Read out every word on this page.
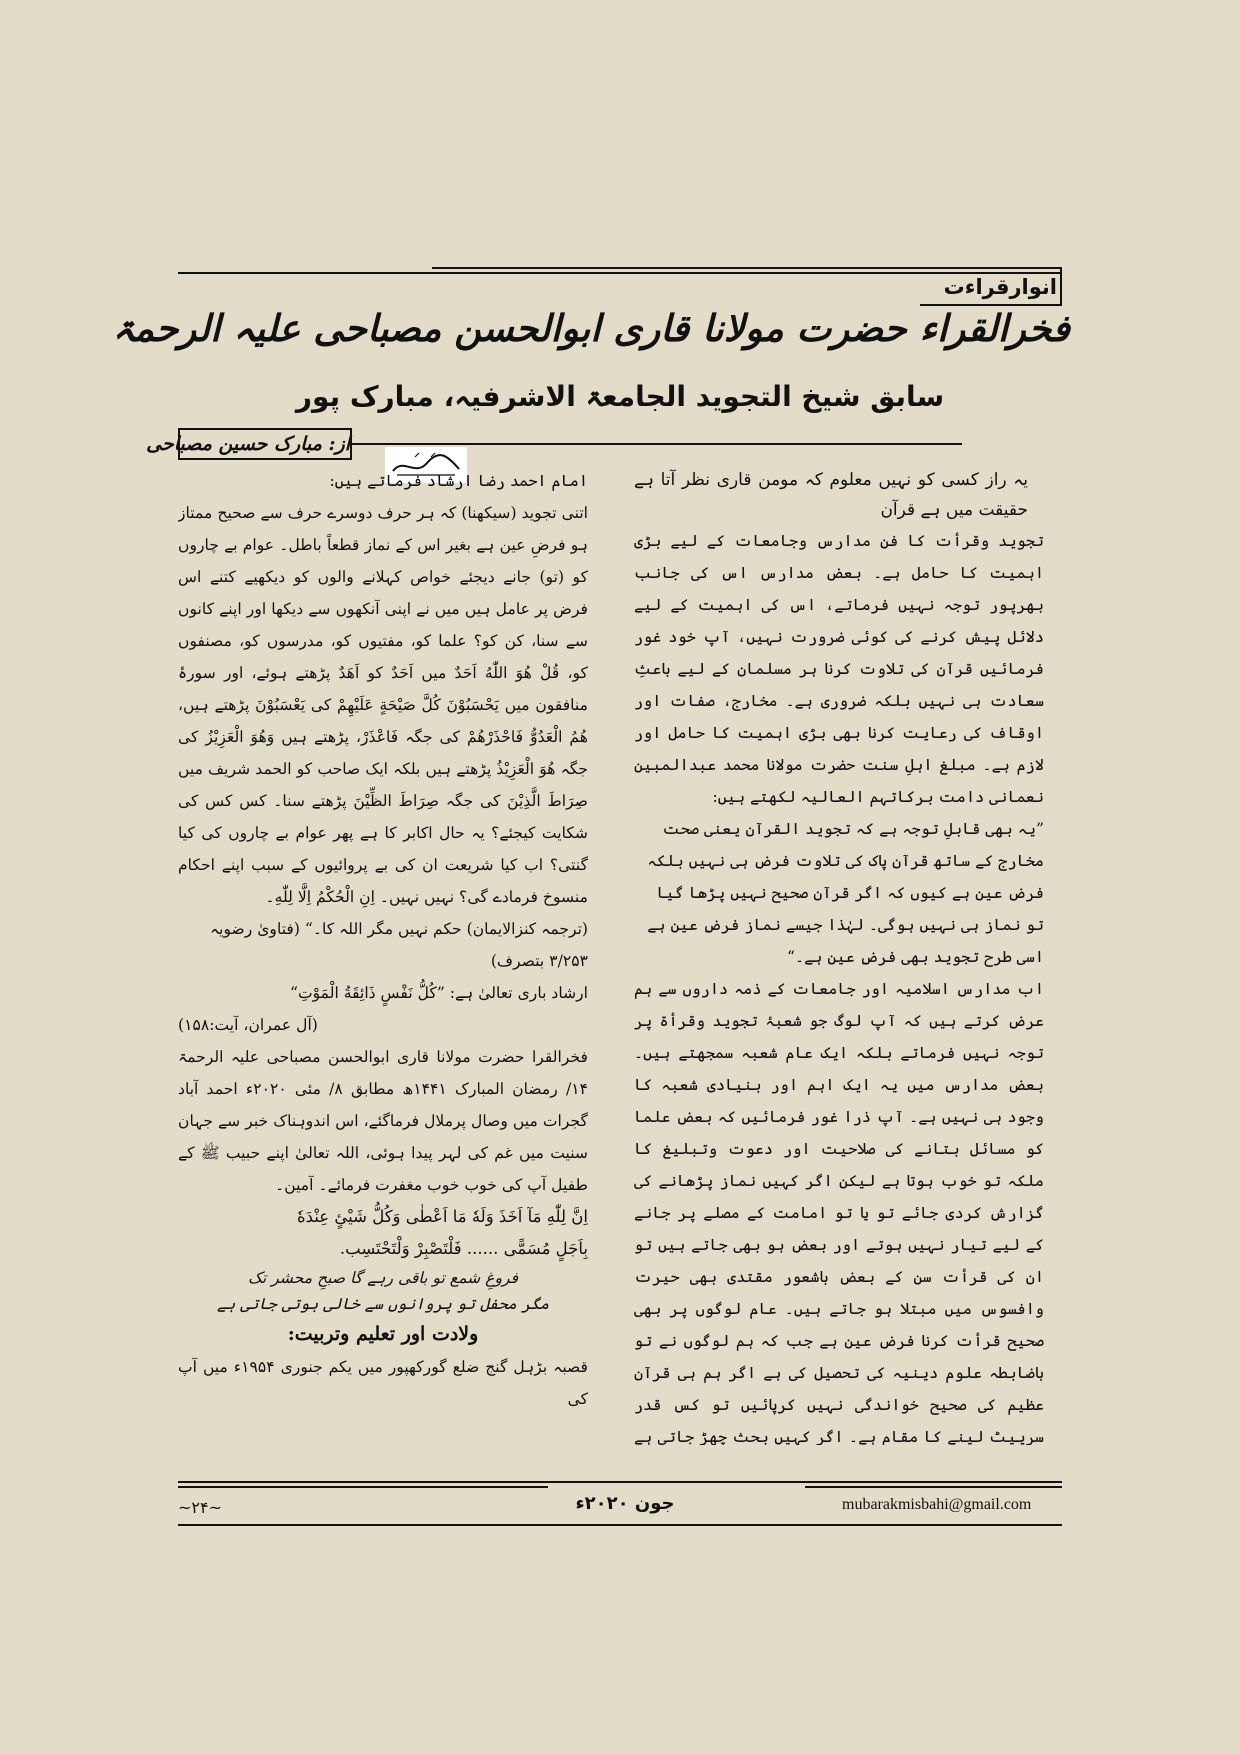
انوارقراءت
فخرالقراء حضرت مولانا قاری ابوالحسن مصباحی علیہ الرحمۃ
سابق شیخ التجوید الجامعۃ الاشرفیہ، مبارک پور
از: مبارک حسین مصباحی

یہ راز کسی کو نہیں معلوم کہ مومن قاری نظر آتا ہے حقیقت میں ہے قرآن

تجوید وقرأت کا فن مدارس وجامعات کے لیے بڑی اہمیت کا حامل ہے۔ بعض مدارس اس کی جانب بھرپور توجہ نہیں فرماتے، اس کی اہمیت کے لیے دلائل پیش کرنے کی کوئی ضرورت نہیں، آپ خود غور فرمائیں قرآن کی تلاوت کرنا ہر مسلمان کے لیے باعثِ سعادت ہی نہیں بلکہ ضروری ہے۔ مخارج، صفات اور اوقاف کی رعایت کرنا بھی بڑی اہمیت کا حامل اور لازم ہے۔ مبلغ اہلِ سنت حضرت مولانا محمد عبدالمبین نعمانی دامت برکاتہم العالیہ لکھتے ہیں:

”یہ بھی قابلِ توجہ ہے کہ تجوید القرآن یعنی صحت مخارج کے ساتھ قرآن پاک کی تلاوت فرض ہی نہیں بلکہ فرض عین ہے کیوں کہ اگر قرآن صحیح نہیں پڑھا گیا تو نماز ہی نہیں ہوگی۔ لہٰذا جیسے نماز فرضِ عین ہے اسی طرح تجوید بھی فرضِ عین ہے۔“

اب مدارس اسلامیہ اور جامعات کے ذمہ داروں سے ہم عرض کرتے ہیں کہ آپ لوگ جو شعبۂ تجوید وقرأۃ پر توجہ نہیں فرماتے بلکہ ایک عام شعبہ سمجھتے ہیں۔ بعض مدارس میں یہ ایک اہم اور بنیادی شعبہ کا وجود ہی نہیں ہے۔ آپ ذرا غور فرمائیں کہ بعض علما کو مسائل بتانے کی صلاحیت اور دعوت وتبلیغ کا ملکہ تو خوب ہوتا ہے لیکن اگر کہیں نماز پڑھانے کی گزارش کردی جائے تو یا تو امامت کے مصلے پر جانے کے لیے تیار نہیں ہوتے اور بعض ہو بھی جاتے ہیں تو ان کی قرأت سن کے بعض باشعور مقتدی بھی حیرت وافسوس میں مبتلا ہو جاتے ہیں۔ عام لوگوں پر بھی صحیح قرأت کرنا فرض عین ہے جب کہ ہم لوگوں نے تو باضابطہ علوم دینیہ کی تحصیل کی ہے اگر ہم ہی قرآن عظیم کی صحیح خواندگی نہیں کرپائیں تو کس قدر سرپیٹ لینے کا مقام ہے۔ اگر کہیں بحث چھڑ جاتی ہے

امام احمد رضا ارشاد فرماتے ہیں:

اتنی تجوید (سیکھنا) کہ ہر حرف دوسرے حرف سے صحیح ممتاز ہو فرضِ عین ہے بغیر اس کے نماز قطعاً باطل۔ عوام بے چاروں کو (تو) جانے دیجئے خواص کہلانے والوں کو دیکھیے کتنے اس فرض پر عامل ہیں میں نے اپنی آنکھوں سے دیکھا اور اپنے کانوں سے سنا، کن کو؟ علما کو، مفتیوں کو، مدرسوں کو، مصنفوں کو، قُلْ هُوَ اللّٰهُ اَحَدٌ میں اَحَدٌ کو اَهَدٌ پڑھتے ہوئے، اور سورۂ منافقون میں یَحْسَبُوْنَ كُلَّ صَيْحَةٍ عَلَيْهِمْ کی یَعْسَبُوْنَ پڑھتے ہیں، هُمُ الْعَدُوُّ فَاحْذَرْهُمْ کی جگہ فَاعْذَرْ، پڑھتے ہیں وَهُوَ الْعَزِيْزُ کی جگہ هُوَ الْعَزِيْذُ پڑھتے ہیں بلکہ ایک صاحب کو الحمد شریف میں صِرَاطَ الَّذِيْنَ کی جگہ صِرَاطَ الظِّيْنَ پڑھتے سنا۔ کس کس کی شکایت کیجئے؟ یہ حال اکابر کا ہے پھر عوام بے چاروں کی کیا گنتی؟ اب کیا شریعت ان کی بے پروائیوں کے سبب اپنے احکام منسوخ فرمادے گی؟ نہیں نہیں۔ اِنِ الْحُكْمُ اِلَّا لِلّٰهِ۔

(ترجمہ کنزالایمان) حکم نہیں مگر اللہ کا۔“ (فتاویٰ رضویہ ۳/۲۵۳ بتصرف)

ارشاد باری تعالیٰ ہے: ”كُلُّ نَفْسٍ ذَائِقَةُ الْمَوْتِ“

(آل عمران، آیت:۱۵۸)

فخرالقرا حضرت مولانا قاری ابوالحسن مصباحی علیہ الرحمۃ ۱۴/ رمضان المبارک ۱۴۴۱ھ مطابق ۸/ مئی ۲۰۲۰ء احمد آباد گجرات میں وصال پرملال فرماگئے، اس اندوہناک خبر سے جہان سنیت میں غم کی لہر پیدا ہوئی، اللہ تعالیٰ اپنے حبیب ﷺ کے طفیل آپ کی خوب خوب مغفرت فرمائے۔ آمین۔

اِنَّ لِلّٰهِ مَآ اَخَذَ وَلَهٗ مَا اَعْطٰى وَكُلُّ شَيْئٍ عِنْدَهٗ

بِاَجَلٍ مُسَمًّى ...... فَلْتَصْبِرْ وَلْتَحْتَسِب.

فروغِ شمع تو باقی رہے گا صبحِ محشر تک

مگر محفل تو پروانوں سے خالی ہوتی جاتی ہے

ولادت اور تعلیم وتربیت:

قصبہ بڑہل گنج ضلع گورکھپور میں یکم جنوری ۱۹۵۴ء میں آپ کی

~۲۴~	جون ۲۰۲۰ء	mubarakmisbahi@gmail.com
